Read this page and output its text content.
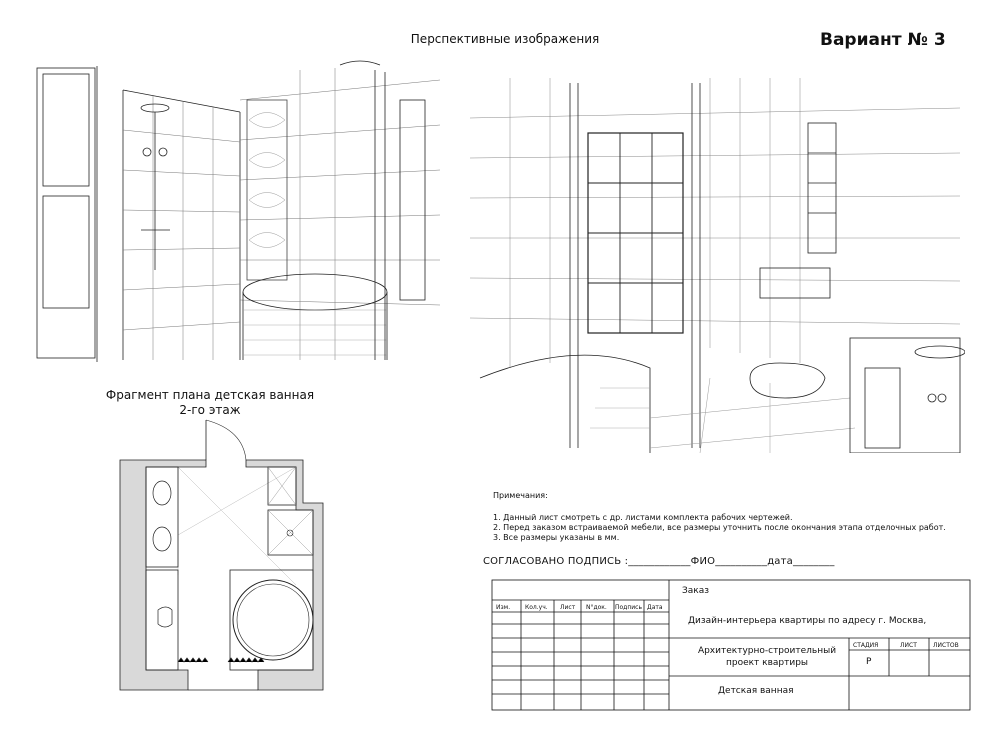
Перспективные изображения	Вариант № 3
Фрагмент плана детская ванная
2-го этаж
Примечания:
1. Данный лист смотреть с др. листами комплекта рабочих чертежей.
2. Перед заказом встраиваемой мебели, все размеры уточнить после окончания этапа отделочных работ.
3. Все размеры указаны в мм.
СОГЛАСОВАНО ПОДПИСЬ :____________ФИО__________дата________
Заказ
Изм. Кол.уч. Лист N°док. Подпись Дата
Дизайн-интерьера квартиры по адресу г. Москва,
Архитектурно-строительный
проект квартиры
СТАДИЯ	ЛИСТ	ЛИСТОВ
Р
Детская ванная
